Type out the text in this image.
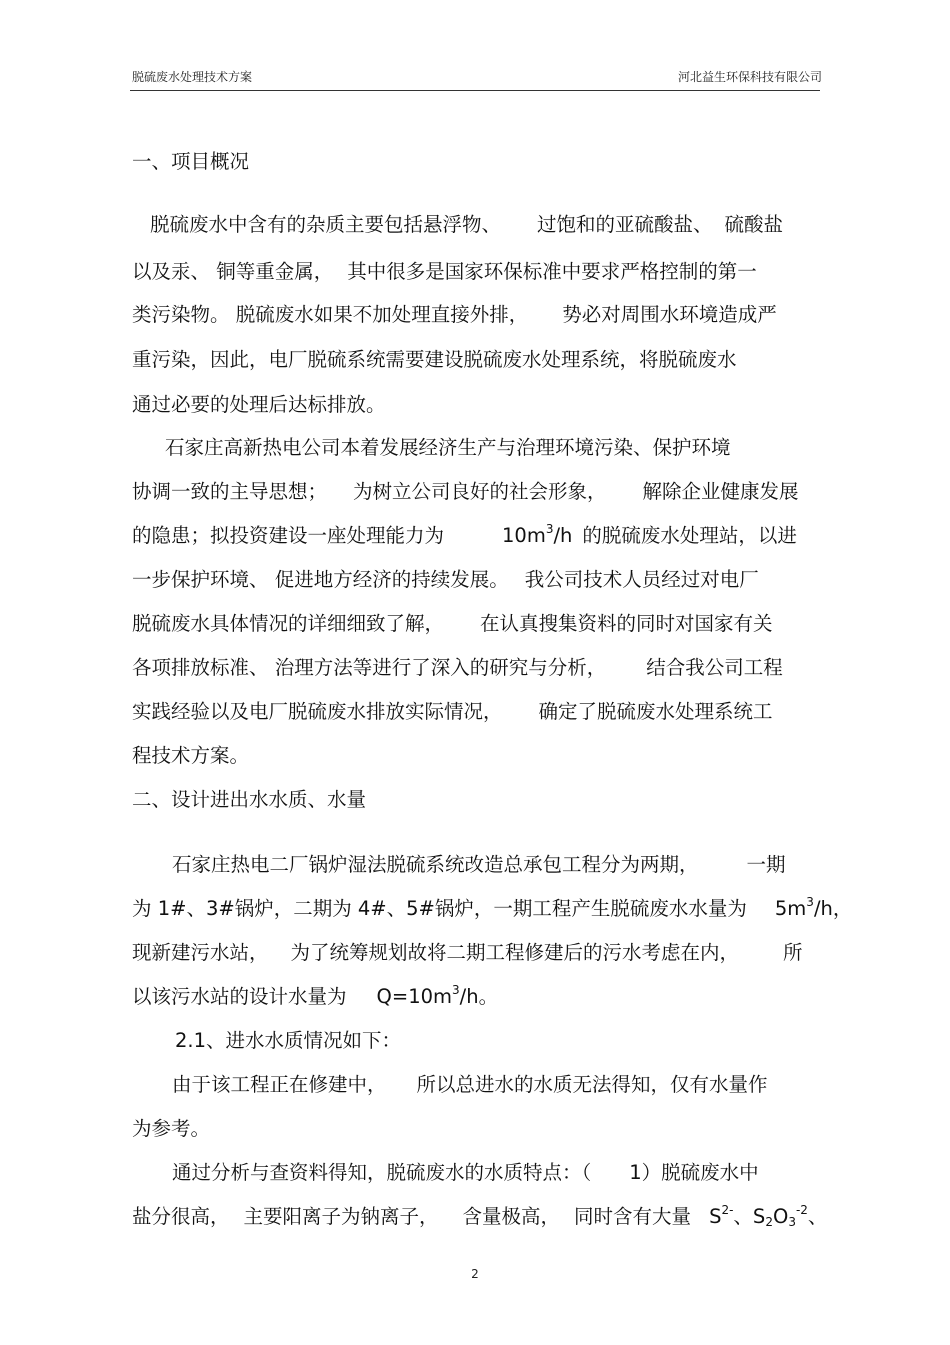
脱硫废水处理技术方案	河北益生环保科技有限公司
一、项目概况
脱硫废水中含有的杂质主要包括悬浮物、 过饱和的亚硫酸盐、 硫酸盐
以及汞、 铜等重金属， 其中很多是国家环保标准中要求严格控制的第一
类污染物。 脱硫废水如果不加处理直接外排， 势必对周围水环境造成严
重污染，因此，电厂脱硫系统需要建设脱硫废水处理系统，将脱硫废水
通过必要的处理后达标排放。
石家庄高新热电公司本着发展经济生产与治理环境污染、保护环境
协调一致的主导思想； 为树立公司良好的社会形象， 解除企业健康发展
的隐患；拟投资建设一座处理能力为	$10m^3/h$ 的脱硫废水处理站，以进
一步保护环境、 促进地方经济的持续发展。 我公司技术人员经过对电厂
脱硫废水具体情况的详细细致了解， 在认真搜集资料的同时对国家有关
各项排放标准、 治理方法等进行了深入的研究与分析， 结合我公司工程
实践经验以及电厂脱硫废水排放实际情况， 确定了脱硫废水处理系统工
程技术方案。
二、设计进出水水质、水量
石家庄热电二厂锅炉湿法脱硫系统改造总承包工程分为两期， 一期
为 1#、3#锅炉，二期为 4#、5#锅炉，一期工程产生脱硫废水水量为 $5m^3/h$，
现新建污水站， 为了统筹规划故将二期工程修建后的污水考虑在内， 所
以该污水站的设计水量为 $Q=10m^3/h$。
2.1、进水水质情况如下：
由于该工程正在修建中， 所以总进水的水质无法得知，仅有水量作
为参考。
通过分析与查资料得知，脱硫废水的水质特点：（ 1）脱硫废水中
盐分很高， 主要阳离子为钠离子， 含量极高， 同时含有大量 $S^{2-}$、$S_2O_3^{-2}$、
2
